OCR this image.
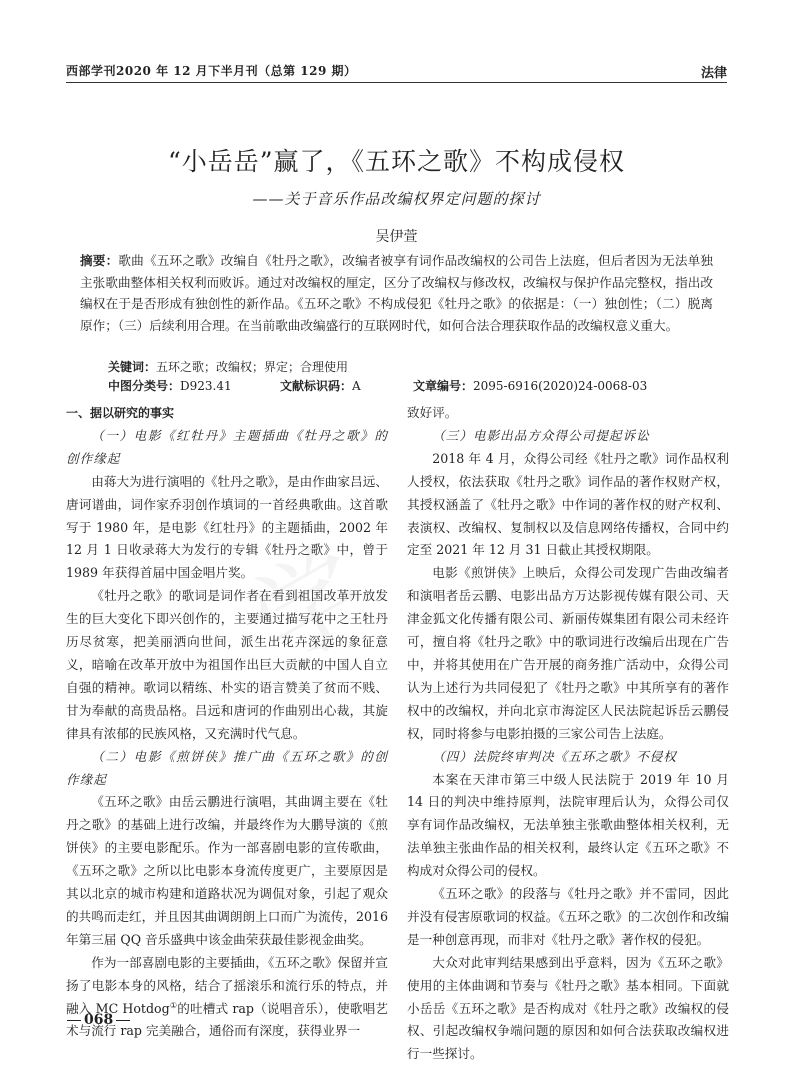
西部学刊2020 年 12 月下半月刊（总第 129 期）	法律
“小岳岳”赢了，《五环之歌》不构成侵权
——关于音乐作品改编权界定问题的探讨
吴伊萱
摘要：歌曲《五环之歌》改编自《牡丹之歌》，改编者被享有词作品改编权的公司告上法庭，但后者因为无法单独主张歌曲整体相关权利而败诉。通过对改编权的厘定，区分了改编权与修改权，改编权与保护作品完整权，指出改编权在于是否形成有独创性的新作品。《五环之歌》不构成侵犯《牡丹之歌》的依据是：（一）独创性；（二）脱离原作；（三）后续利用合理。在当前歌曲改编盛行的互联网时代，如何合法合理获取作品的改编权意义重大。
关键词：五环之歌；改编权；界定；合理使用
中图分类号：D923.41	文献标识码：A	文章编号：2095-6916(2020)24-0068-03

一、据以研究的事实

（一）电影《红牡丹》主题插曲《牡丹之歌》的创作缘起

由蒋大为进行演唱的《牡丹之歌》，是由作曲家吕远、唐诃谱曲，词作家乔羽创作填词的一首经典歌曲。这首歌写于 1980 年，是电影《红牡丹》的主题插曲，2002 年 12 月 1 日收录蒋大为发行的专辑《牡丹之歌》中，曾于 1989 年获得首届中国金唱片奖。

《牡丹之歌》的歌词是词作者在看到祖国改革开放发生的巨大变化下即兴创作的，主要通过描写花中之王牡丹历尽贫寒，把美丽洒向世间，派生出花卉深远的象征意义，暗喻在改革开放中为祖国作出巨大贡献的中国人自立自强的精神。歌词以精练、朴实的语言赞美了贫而不贱、甘为奉献的高贵品格。吕远和唐诃的作曲别出心裁，其旋律具有浓郁的民族风格，又充满时代气息。

（二）电影《煎饼侠》推广曲《五环之歌》的创作缘起

《五环之歌》由岳云鹏进行演唱，其曲调主要在《牡丹之歌》的基础上进行改编，并最终作为大鹏导演的《煎饼侠》的主要电影配乐。作为一部喜剧电影的宣传歌曲，《五环之歌》之所以比电影本身流传度更广，主要原因是其以北京的城市构建和道路状况为调侃对象，引起了观众的共鸣而走红，并且因其曲调朗朗上口而广为流传，2016 年第三届 QQ 音乐盛典中该金曲荣获最佳影视金曲奖。

作为一部喜剧电影的主要插曲，《五环之歌》保留并宣扬了电影本身的风格，结合了摇滚乐和流行乐的特点，并融入 MC Hotdog①的吐槽式 rap（说唱音乐），使歌唱艺术与流行 rap 完美融合，通俗而有深度，获得业界一

致好评。

（三）电影出品方众得公司提起诉讼

2018 年 4 月，众得公司经《牡丹之歌》词作品权利人授权，依法获取《牡丹之歌》词作品的著作权财产权，其授权涵盖了《牡丹之歌》中作词的著作权的财产权利、表演权、改编权、复制权以及信息网络传播权，合同中约定至 2021 年 12 月 31 日截止其授权期限。

电影《煎饼侠》上映后，众得公司发现广告曲改编者和演唱者岳云鹏、电影出品方万达影视传媒有限公司、天津金狐文化传播有限公司、新丽传媒集团有限公司未经许可，擅自将《牡丹之歌》中的歌词进行改编后出现在广告中，并将其使用在广告开展的商务推广活动中，众得公司认为上述行为共同侵犯了《牡丹之歌》中其所享有的著作权中的改编权，并向北京市海淀区人民法院起诉岳云鹏侵权，同时将参与电影拍摄的三家公司告上法庭。

（四）法院终审判决《五环之歌》不侵权

本案在天津市第三中级人民法院于 2019 年 10 月 14 日的判决中维持原判，法院审理后认为，众得公司仅享有词作品改编权，无法单独主张歌曲整体相关权利，无法单独主张曲作品的相关权利，最终认定《五环之歌》不构成对众得公司的侵权。

《五环之歌》的段落与《牡丹之歌》并不雷同，因此并没有侵害原歌词的权益。《五环之歌》的二次创作和改编是一种创意再现，而非对《牡丹之歌》著作权的侵犯。

大众对此审判结果感到出乎意料，因为《五环之歌》使用的主体曲调和节奏与《牡丹之歌》基本相同。下面就小岳岳《五环之歌》是否构成对《牡丹之歌》改编权的侵权、引起改编权争端问题的原因和如何合法获取改编权进行一些探讨。

068
